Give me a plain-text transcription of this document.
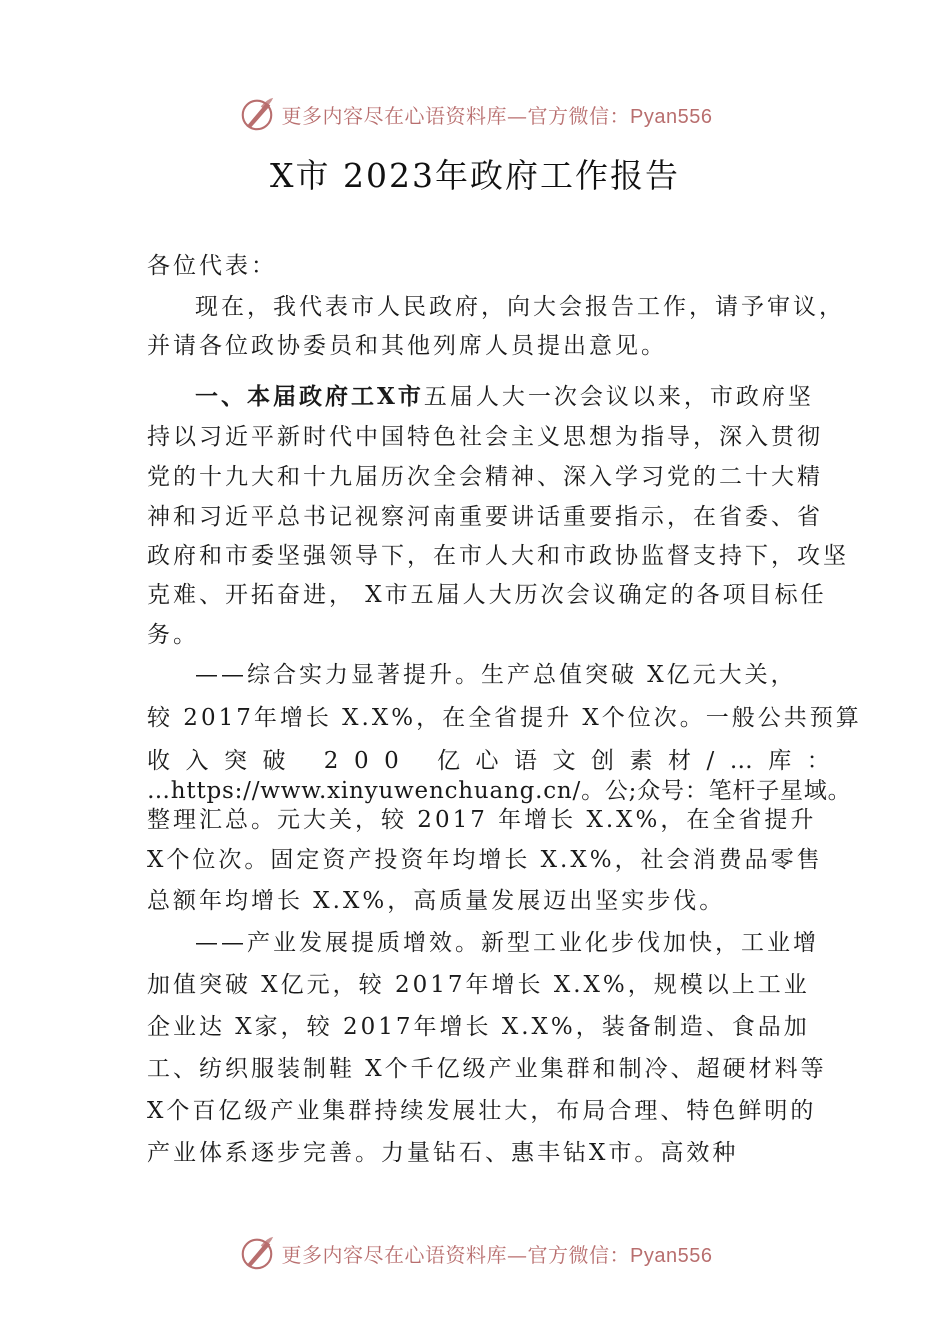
更多内容尽在心语资料库—官方微信：Pyan556
X市 2023年政府工作报告
各位代表：
现在，我代表市人民政府，向大会报告工作，请予审议，
并请各位政协委员和其他列席人员提出意见。
一、本届政府工X市五届人大一次会议以来，市政府坚
持以习近平新时代中国特色社会主义思想为指导，深入贯彻
党的十九大和十九届历次全会精神、深入学习党的二十大精
神和习近平总书记视察河南重要讲话重要指示，在省委、省
政府和市委坚强领导下，在市人大和市政协监督支持下，攻坚
克难、开拓奋进， X市五届人大历次会议确定的各项目标任
务。
——综合实力显著提升。生产总值突破 X亿元大关，
较 2017年增长 X.X%，在全省提升 X个位次。一般公共预算
收入突破 200 亿心语文创素材/…库：
…https://www.xinyuwenchuang.cn/。公;众号：笔杆子星域。
整理汇总。元大关，较 2017 年增长 X.X%，在全省提升
X个位次。固定资产投资年均增长 X.X%，社会消费品零售
总额年均增长 X.X%，高质量发展迈出坚实步伐。
——产业发展提质增效。新型工业化步伐加快，工业增
加值突破 X亿元，较 2017年增长 X.X%，规模以上工业
企业达 X家，较 2017年增长 X.X%，装备制造、食品加
工、纺织服装制鞋 X个千亿级产业集群和制冷、超硬材料等
X个百亿级产业集群持续发展壮大，布局合理、特色鲜明的
产业体系逐步完善。力量钻石、惠丰钻X市。高效种
更多内容尽在心语资料库—官方微信：Pyan556
